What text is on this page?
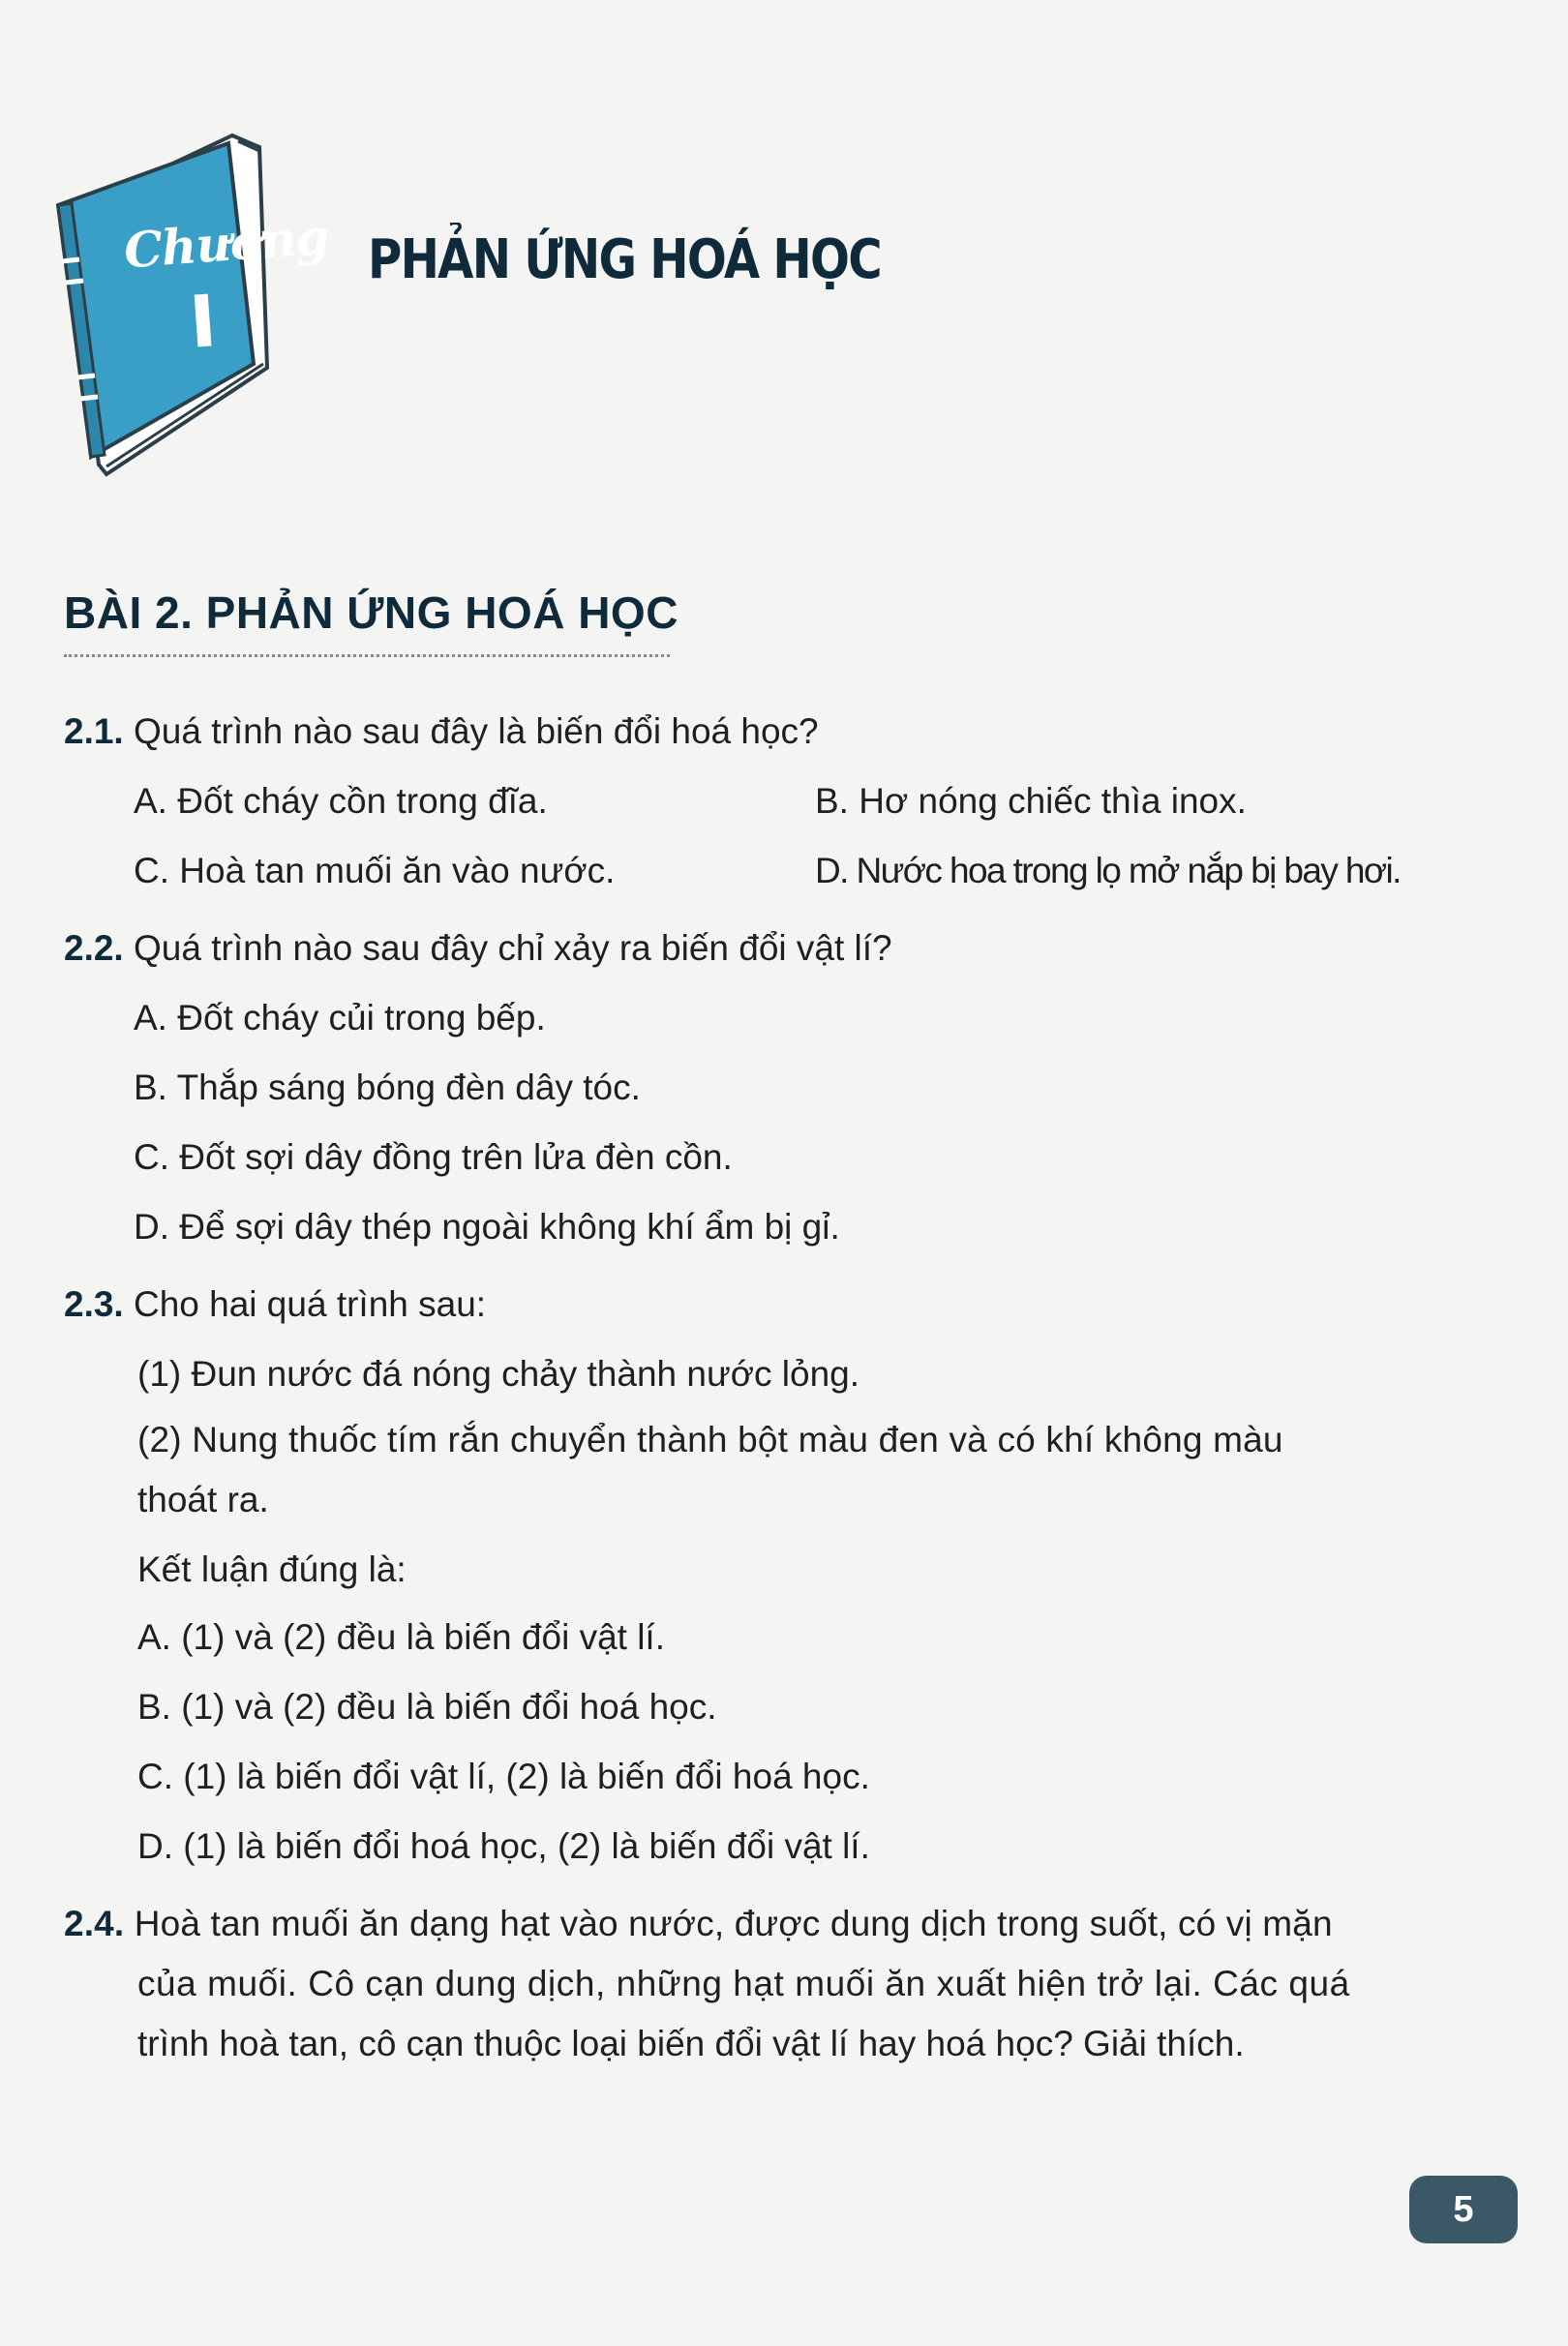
Chương
I
PHẢN ỨNG HOÁ HỌC
BÀI 2. PHẢN ỨNG HOÁ HỌC
2.1. Quá trình nào sau đây là biến đổi hoá học?
A. Đốt cháy cồn trong đĩa.	B. Hơ nóng chiếc thìa inox.
C. Hoà tan muối ăn vào nước.	D. Nước hoa trong lọ mở nắp bị bay hơi.
2.2. Quá trình nào sau đây chỉ xảy ra biến đổi vật lí?
A. Đốt cháy củi trong bếp.
B. Thắp sáng bóng đèn dây tóc.
C. Đốt sợi dây đồng trên lửa đèn cồn.
D. Để sợi dây thép ngoài không khí ẩm bị gỉ.
2.3. Cho hai quá trình sau:
(1) Đun nước đá nóng chảy thành nước lỏng.
(2) Nung thuốc tím rắn chuyển thành bột màu đen và có khí không màu
thoát ra.
Kết luận đúng là:
A. (1) và (2) đều là biến đổi vật lí.
B. (1) và (2) đều là biến đổi hoá học.
C. (1) là biến đổi vật lí, (2) là biến đổi hoá học.
D. (1) là biến đổi hoá học, (2) là biến đổi vật lí.
2.4. Hoà tan muối ăn dạng hạt vào nước, được dung dịch trong suốt, có vị mặn
của muối. Cô cạn dung dịch, những hạt muối ăn xuất hiện trở lại. Các quá
trình hoà tan, cô cạn thuộc loại biến đổi vật lí hay hoá học? Giải thích.
5
